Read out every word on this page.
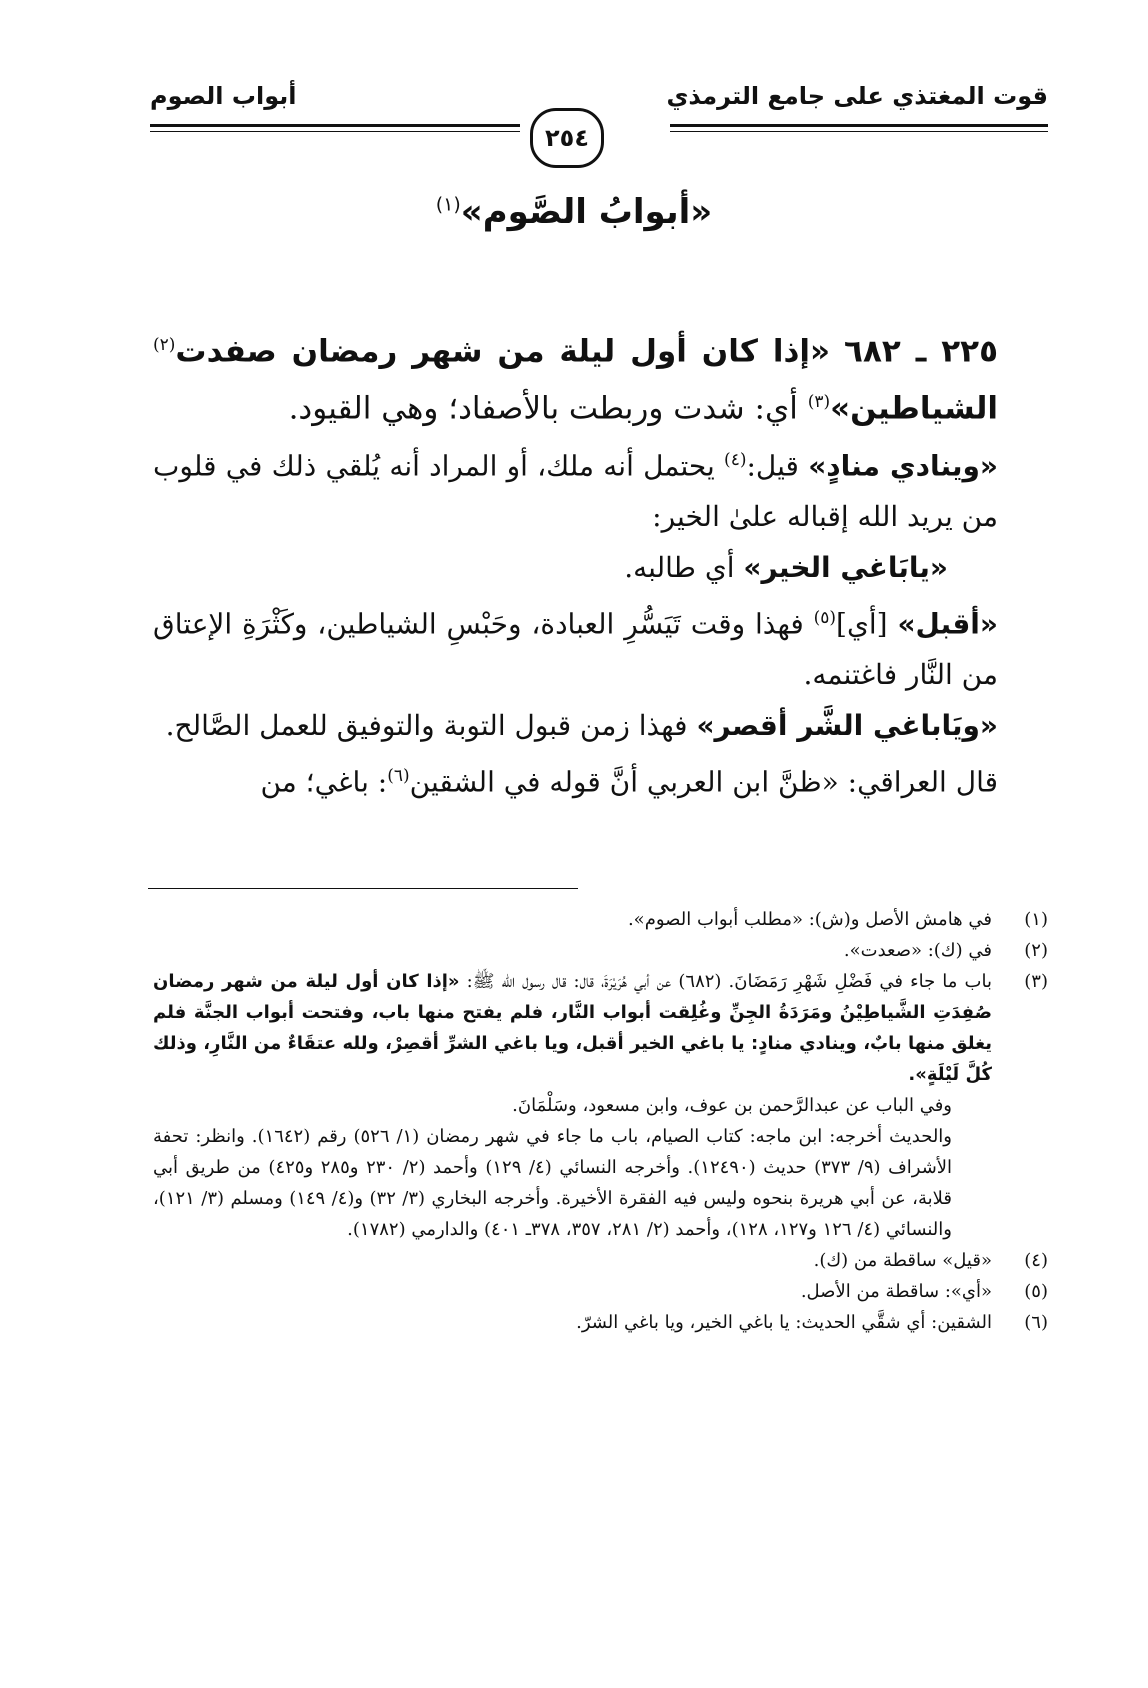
قوت المغتذي على جامع الترمذي
أبواب الصوم
٢٥٤
«أبوابُ الصَّوم»$^{(١)}$

٢٢٥ ـ ٦٨٢ «إذا كان أول ليلة من شهر رمضان صفدت$^{(٢)}$ الشياطين»$^{(٣)}$ أي: شدت وربطت بالأصفاد؛ وهي القيود.

«وينادي منادٍ» قيل:$^{(٤)}$ يحتمل أنه ملك، أو المراد أنه يُلقي ذلك في قلوب من يريد الله إقباله علىٰ الخير:

«يابَاغي الخير» أي طالبه.

«أقبل» [أي]$^{(٥)}$ فهذا وقت تَيَسُّرِ العبادة، وحَبْسِ الشياطين، وكَثْرَةِ الإعتاق من النَّار فاغتنمه.

«ويَاباغي الشَّر أقصر» فهذا زمن قبول التوبة والتوفيق للعمل الصَّالح.

قال العراقي: «ظنَّ ابن العربي أنَّ قوله في الشقين$^{(٦)}$: باغي؛ من

(١)
في هامش الأصل و(ش): «مطلب أبواب الصوم».
(٢)
في (ك): «صعدت».
(٣)
باب ما جاء في فَضْلِ شَهْرِ رَمَضَانَ. (٦٨٢) عن أبي هُرَيْرَةَ، قال: قال رسول الله ﷺ: «إذا كان أول ليلة من شهر رمضان صُفِدَتِ الشَّياطِيْنُ ومَرَدَةُ الجِنِّ وغُلِقت أبواب النَّار، فلم يفتح منها باب، وفتحت أبواب الجنَّة فلم يغلق منها بابٌ، وينادي منادٍ: يا باغي الخير أقبل، ويا باغي الشرِّ أقصِرْ، ولله عتقَاءٌ من النَّارِ، وذلك كُلَّ لَيْلَةٍ».
وفي الباب عن عبدالرَّحمن بن عوف، وابن مسعود، وسَلْمَانَ.
والحديث أخرجه: ابن ماجه: كتاب الصيام، باب ما جاء في شهر رمضان (١/ ٥٢٦) رقم (١٦٤٢). وانظر: تحفة الأشراف (٩/ ٣٧٣) حديث (١٢٤٩٠). وأخرجه النسائي (٤/ ١٢٩) وأحمد (٢/ ٢٣٠ و٢٨٥ و٤٢٥) من طريق أبي قلابة، عن أبي هريرة بنحوه وليس فيه الفقرة الأخيرة. وأخرجه البخاري (٣/ ٣٢) و(٤/ ١٤٩) ومسلم (٣/ ١٢١)، والنسائي (٤/ ١٢٦ و١٢٧، ١٢٨)، وأحمد (٢/ ٢٨١، ٣٥٧، ٣٧٨ـ ٤٠١) والدارمي (١٧٨٢).
(٤)
«قيل» ساقطة من (ك).
(٥)
«أي»: ساقطة من الأصل.
(٦)
الشقين: أي شقَّي الحديث: يا باغي الخير، ويا باغي الشرّ.
